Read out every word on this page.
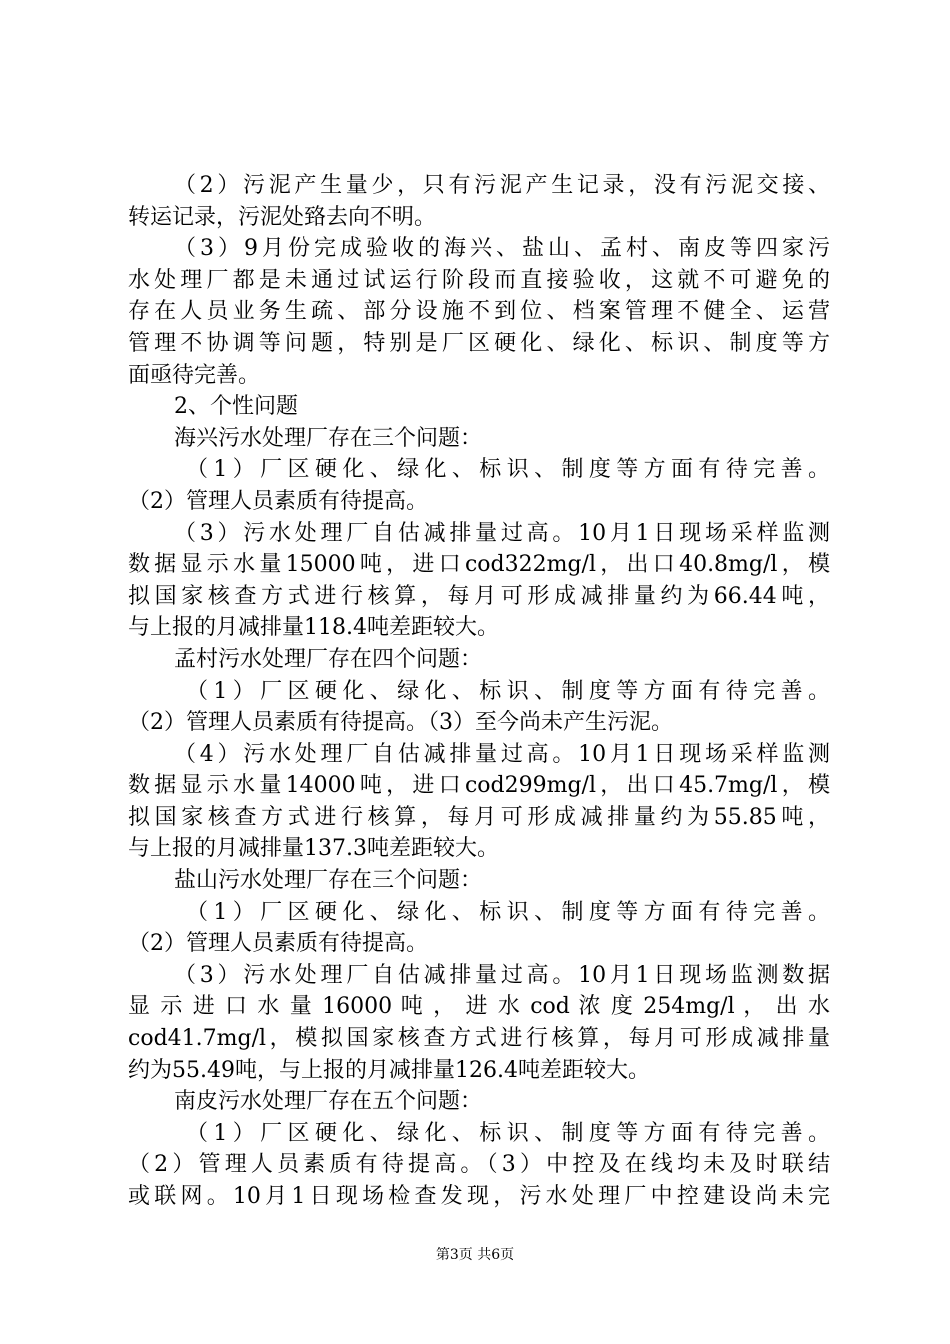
（2）污泥产生量少，只有污泥产生记录，没有污泥交接、
转运记录，污泥处臵去向不明。
（3）9月份完成验收的海兴、盐山、孟村、南皮等四家污
水处理厂都是未通过试运行阶段而直接验收，这就不可避免的
存在人员业务生疏、部分设施不到位、档案管理不健全、运营
管理不协调等问题，特别是厂区硬化、绿化、标识、制度等方
面亟待完善。
2、个性问题
海兴污水处理厂存在三个问题：
（1）厂区硬化、绿化、标识、制度等方面有待完善。
（2）管理人员素质有待提高。
（3）污水处理厂自估减排量过高。10月1日现场采样监测
数据显示水量15000吨，进口cod322mg/l，出口40.8mg/l，模
拟国家核查方式进行核算，每月可形成减排量约为66.44吨，
与上报的月减排量118.4吨差距较大。
孟村污水处理厂存在四个问题：
（1）厂区硬化、绿化、标识、制度等方面有待完善。
（2）管理人员素质有待提高。（3）至今尚未产生污泥。
（4）污水处理厂自估减排量过高。10月1日现场采样监测
数据显示水量14000吨，进口cod299mg/l，出口45.7mg/l，模
拟国家核查方式进行核算，每月可形成减排量约为55.85吨，
与上报的月减排量137.3吨差距较大。
盐山污水处理厂存在三个问题：
（1）厂区硬化、绿化、标识、制度等方面有待完善。
（2）管理人员素质有待提高。
（3）污水处理厂自估减排量过高。10月1日现场监测数据
显 示 进 口 水 量 16000 吨 ， 进 水 cod 浓 度 254mg/l ， 出 水
cod41.7mg/l，模拟国家核查方式进行核算，每月可形成减排量
约为55.49吨，与上报的月减排量126.4吨差距较大。
南皮污水处理厂存在五个问题：
（1）厂区硬化、绿化、标识、制度等方面有待完善。
（2）管理人员素质有待提高。（3）中控及在线均未及时联结
或联网。10月1日现场检查发现，污水处理厂中控建设尚未完
第3页 共6页
